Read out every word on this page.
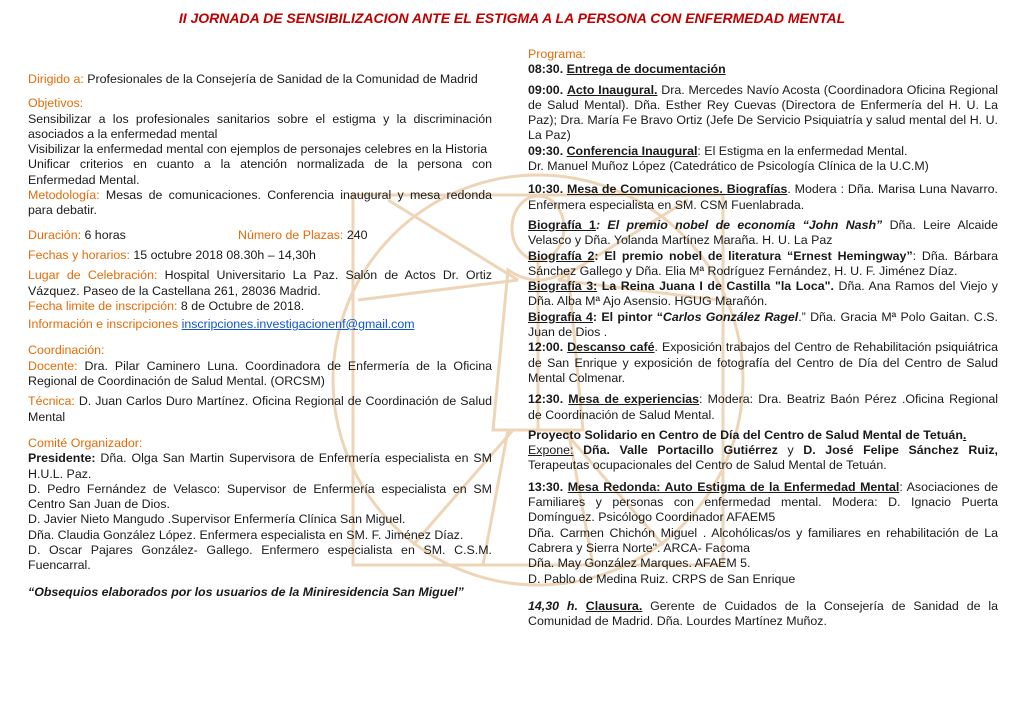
II JORNADA DE SENSIBILIZACION ANTE EL ESTIGMA A LA PERSONA CON ENFERMEDAD MENTAL

Dirigido a: Profesionales de la Consejería de Sanidad de la Comunidad de Madrid

Objetivos:
Sensibilizar a los profesionales sanitarios sobre el estigma y la discriminación asociados a la enfermedad mental
Visibilizar la enfermedad mental con ejemplos de personajes celebres en la Historia
Unificar criterios en cuanto a la atención normalizada de la persona con Enfermedad Mental.
Metodología: Mesas de comunicaciones. Conferencia inaugural y mesa redonda para debatir.

Duración: 6 horas	Número de Plazas: 240

Fechas y horarios: 15 octubre 2018 08.30h – 14,30h

Lugar de Celebración: Hospital Universitario La Paz. Salón de Actos Dr. Ortiz Vázquez. Paseo de la Castellana 261, 28036 Madrid.
Fecha limite de inscripción: 8 de Octubre de 2018.

Información e inscripciones inscripciones.investigacionenf@gmail.com

Coordinación:
Docente: Dra. Pilar Caminero Luna. Coordinadora de Enfermería de la Oficina Regional de Coordinación de Salud Mental. (ORCSM)

Técnica: D. Juan Carlos Duro Martínez. Oficina Regional de Coordinación de Salud Mental

Comité Organizador:
Presidente: Dña. Olga San Martin Supervisora de Enfermería especialista en SM H.U.L. Paz.
D. Pedro Fernández de Velasco: Supervisor de Enfermería especialista en SM Centro San Juan de Dios.
D. Javier Nieto Mangudo .Supervisor Enfermería Clínica San Miguel.
Dña. Claudia González López. Enfermera especialista en SM. F. Jiménez Díaz.
D. Oscar Pajares González- Gallego. Enfermero especialista en SM. C.S.M. Fuencarral.

“Obsequios elaborados por los usuarios de la Miniresidencia San Miguel”

Programa:
08:30. Entrega de documentación

09:00. Acto Inaugural. Dra. Mercedes Navío Acosta (Coordinadora Oficina Regional de Salud Mental). Dña. Esther Rey Cuevas (Directora de Enfermería del H. U. La Paz); Dra. María Fe Bravo Ortiz (Jefe De Servicio Psiquiatría y salud mental del H. U. La Paz)
09:30. Conferencia Inaugural: El Estigma en la enfermedad Mental.
Dr. Manuel Muñoz López (Catedrático de Psicología Clínica de la U.C.M)

10:30. Mesa de Comunicaciones. Biografías. Modera : Dña. Marisa Luna Navarro. Enfermera especialista en SM. CSM Fuenlabrada.

Biografía 1: El premio nobel de economía “John Nash” Dña. Leire Alcaide Velasco y Dña. Yolanda Martínez Maraña. H. U. La Paz
Biografía 2: El premio nobel de literatura “Ernest Hemingway”: Dña. Bárbara Sánchez Gallego y Dña. Elia Mª Rodríguez Fernández, H. U. F. Jiménez Díaz.
Biografía 3: La Reina Juana I de Castilla "la Loca". Dña. Ana Ramos del Viejo y Dña. Alba Mª Ajo Asensio. HGUG Marañón.
Biografía 4: El pintor “Carlos González Ragel.” Dña. Gracia Mª Polo Gaitan. C.S. Juan de Dios .
12:00. Descanso café. Exposición trabajos del Centro de Rehabilitación psiquiátrica de San Enrique y exposición de fotografía del Centro de Día del Centro de Salud Mental Colmenar.

12:30. Mesa de experiencias: Modera: Dra. Beatriz Baón Pérez .Oficina Regional de Coordinación de Salud Mental.

Proyecto Solidario en Centro de Día del Centro de Salud Mental de Tetuán.
Expone: Dña. Valle Portacillo Gutiérrez y D. José Felipe Sánchez Ruiz, Terapeutas ocupacionales del Centro de Salud Mental de Tetuán.

13:30. Mesa Redonda: Auto Estigma de la Enfermedad Mental: Asociaciones de Familiares y personas con enfermedad mental. Modera: D. Ignacio Puerta Domínguez. Psicólogo Coordinador AFAEM5
Dña. Carmen Chichón Miguel . Alcohólicas/os y familiares en rehabilitación de La Cabrera y Sierra Norte". ARCA- Facoma
Dña. May González Marques. AFAEM 5.
D. Pablo de Medina Ruiz. CRPS de San Enrique

14,30 h. Clausura. Gerente de Cuidados de la Consejería de Sanidad de la Comunidad de Madrid. Dña. Lourdes Martínez Muñoz.
